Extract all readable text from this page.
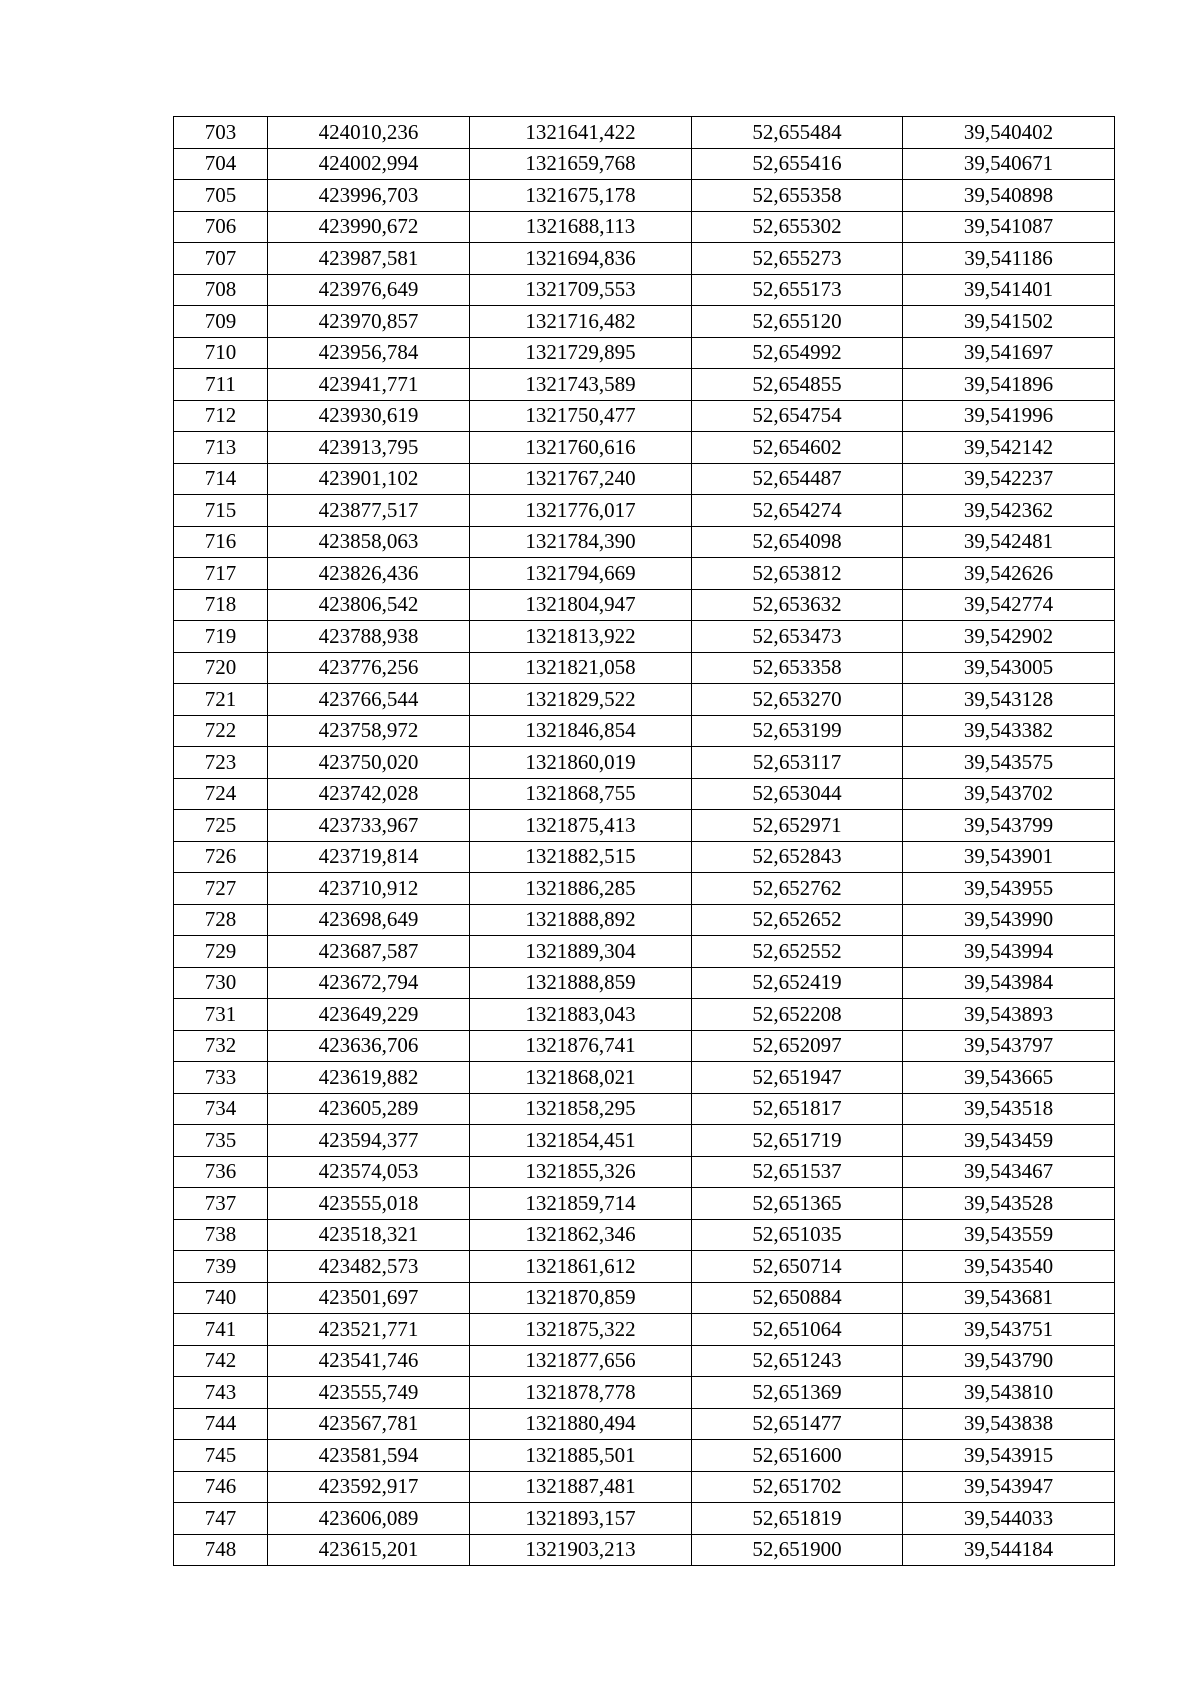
703	424010,236	1321641,422	52,655484	39,540402
704	424002,994	1321659,768	52,655416	39,540671
705	423996,703	1321675,178	52,655358	39,540898
706	423990,672	1321688,113	52,655302	39,541087
707	423987,581	1321694,836	52,655273	39,541186
708	423976,649	1321709,553	52,655173	39,541401
709	423970,857	1321716,482	52,655120	39,541502
710	423956,784	1321729,895	52,654992	39,541697
711	423941,771	1321743,589	52,654855	39,541896
712	423930,619	1321750,477	52,654754	39,541996
713	423913,795	1321760,616	52,654602	39,542142
714	423901,102	1321767,240	52,654487	39,542237
715	423877,517	1321776,017	52,654274	39,542362
716	423858,063	1321784,390	52,654098	39,542481
717	423826,436	1321794,669	52,653812	39,542626
718	423806,542	1321804,947	52,653632	39,542774
719	423788,938	1321813,922	52,653473	39,542902
720	423776,256	1321821,058	52,653358	39,543005
721	423766,544	1321829,522	52,653270	39,543128
722	423758,972	1321846,854	52,653199	39,543382
723	423750,020	1321860,019	52,653117	39,543575
724	423742,028	1321868,755	52,653044	39,543702
725	423733,967	1321875,413	52,652971	39,543799
726	423719,814	1321882,515	52,652843	39,543901
727	423710,912	1321886,285	52,652762	39,543955
728	423698,649	1321888,892	52,652652	39,543990
729	423687,587	1321889,304	52,652552	39,543994
730	423672,794	1321888,859	52,652419	39,543984
731	423649,229	1321883,043	52,652208	39,543893
732	423636,706	1321876,741	52,652097	39,543797
733	423619,882	1321868,021	52,651947	39,543665
734	423605,289	1321858,295	52,651817	39,543518
735	423594,377	1321854,451	52,651719	39,543459
736	423574,053	1321855,326	52,651537	39,543467
737	423555,018	1321859,714	52,651365	39,543528
738	423518,321	1321862,346	52,651035	39,543559
739	423482,573	1321861,612	52,650714	39,543540
740	423501,697	1321870,859	52,650884	39,543681
741	423521,771	1321875,322	52,651064	39,543751
742	423541,746	1321877,656	52,651243	39,543790
743	423555,749	1321878,778	52,651369	39,543810
744	423567,781	1321880,494	52,651477	39,543838
745	423581,594	1321885,501	52,651600	39,543915
746	423592,917	1321887,481	52,651702	39,543947
747	423606,089	1321893,157	52,651819	39,544033
748	423615,201	1321903,213	52,651900	39,544184
